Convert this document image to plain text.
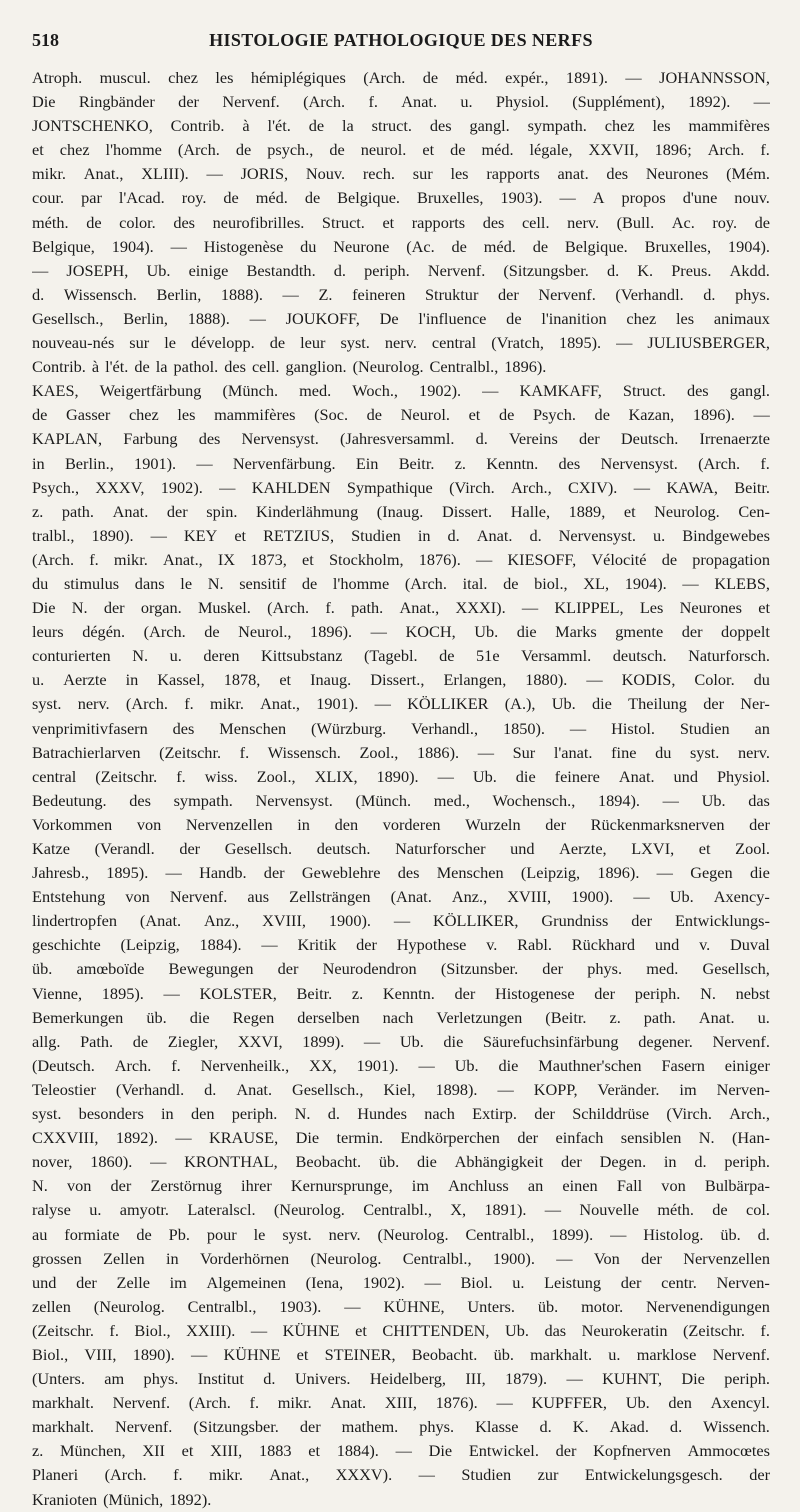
518	HISTOLOGIE PATHOLOGIQUE DES NERFS
Atroph. muscul. chez les hémiplégiques (Arch. de méd. expér., 1891). — JOHANNSSON,
Die Ringbänder der Nervenf. (Arch. f. Anat. u. Physiol. (Supplément), 1892). —
JONTSCHENKO, Contrib. à l'ét. de la struct. des gangl. sympath. chez les mammifères
et chez l'homme (Arch. de psych., de neurol. et de méd. légale, XXVII, 1896; Arch. f.
mikr. Anat., XLIII). — JORIS, Nouv. rech. sur les rapports anat. des Neurones (Mém.
cour. par l'Acad. roy. de méd. de Belgique. Bruxelles, 1903). — A propos d'une nouv.
méth. de color. des neurofibrilles. Struct. et rapports des cell. nerv. (Bull. Ac. roy. de
Belgique, 1904). — Histogenèse du Neurone (Ac. de méd. de Belgique. Bruxelles, 1904).
— JOSEPH, Ub. einige Bestandth. d. periph. Nervenf. (Sitzungsber. d. K. Preus. Akdd.
d. Wissensch. Berlin, 1888). — Z. feineren Struktur der Nervenf. (Verhandl. d. phys.
Gesellsch., Berlin, 1888). — JOUKOFF, De l'influence de l'inanition chez les animaux
nouveau-nés sur le développ. de leur syst. nerv. central (Vratch, 1895). — JULIUSBERGER,
Contrib. à l'ét. de la pathol. des cell. ganglion. (Neurolog. Centralbl., 1896).
KAES, Weigertfärbung (Münch. med. Woch., 1902). — KAMKAFF, Struct. des gangl.
de Gasser chez les mammifères (Soc. de Neurol. et de Psych. de Kazan, 1896). —
KAPLAN, Farbung des Nervensyst. (Jahresversamml. d. Vereins der Deutsch. Irrenaerzte
in Berlin., 1901). — Nervenfärbung. Ein Beitr. z. Kenntn. des Nervensyst. (Arch. f.
Psych., XXXV, 1902). — KAHLDEN Sympathique (Virch. Arch., CXIV). — KAWA, Beitr.
z. path. Anat. der spin. Kinderlähmung (Inaug. Dissert. Halle, 1889, et Neurolog. Cen-
tralbl., 1890). — KEY et RETZIUS, Studien in d. Anat. d. Nervensyst. u. Bindgewebes
(Arch. f. mikr. Anat., IX 1873, et Stockholm, 1876). — KIESOFF, Vélocité de propagation
du stimulus dans le N. sensitif de l'homme (Arch. ital. de biol., XL, 1904). — KLEBS,
Die N. der organ. Muskel. (Arch. f. path. Anat., XXXI). — KLIPPEL, Les Neurones et
leurs dégén. (Arch. de Neurol., 1896). — KOCH, Ub. die Marks gmente der doppelt
conturierten N. u. deren Kittsubstanz (Tagebl. de 51e Versamml. deutsch. Naturforsch.
u. Aerzte in Kassel, 1878, et Inaug. Dissert., Erlangen, 1880). — KODIS, Color. du
syst. nerv. (Arch. f. mikr. Anat., 1901). — KÖLLIKER (A.), Ub. die Theilung der Ner-
venprimitivfasern des Menschen (Würzburg. Verhandl., 1850). — Histol. Studien an
Batrachierlarven (Zeitschr. f. Wissensch. Zool., 1886). — Sur l'anat. fine du syst. nerv.
central (Zeitschr. f. wiss. Zool., XLIX, 1890). — Ub. die feinere Anat. und Physiol.
Bedeutung. des sympath. Nervensyst. (Münch. med., Wochensch., 1894). — Ub. das
Vorkommen von Nervenzellen in den vorderen Wurzeln der Rückenmarksnerven der
Katze (Verandl. der Gesellsch. deutsch. Naturforscher und Aerzte, LXVI, et Zool.
Jahresb., 1895). — Handb. der Geweblehre des Menschen (Leipzig, 1896). — Gegen die
Entstehung von Nervenf. aus Zellsträngen (Anat. Anz., XVIII, 1900). — Ub. Axency-
lindertropfen (Anat. Anz., XVIII, 1900). — KÖLLIKER, Grundniss der Entwicklungs-
geschichte (Leipzig, 1884). — Kritik der Hypothese v. Rabl. Rückhard und v. Duval
üb. amœboïde Bewegungen der Neurodendron (Sitzunsber. der phys. med. Gesellsch,
Vienne, 1895). — KOLSTER, Beitr. z. Kenntn. der Histogenese der periph. N. nebst
Bemerkungen üb. die Regen derselben nach Verletzungen (Beitr. z. path. Anat. u.
allg. Path. de Ziegler, XXVI, 1899). — Ub. die Säurefuchsinfärbung degener. Nervenf.
(Deutsch. Arch. f. Nervenheilk., XX, 1901). — Ub. die Mauthner'schen Fasern einiger
Teleostier (Verhandl. d. Anat. Gesellsch., Kiel, 1898). — KOPP, Veränder. im Nerven-
syst. besonders in den periph. N. d. Hundes nach Extirp. der Schilddrüse (Virch. Arch.,
CXXVIII, 1892). — KRAUSE, Die termin. Endkörperchen der einfach sensiblen N. (Han-
nover, 1860). — KRONTHAL, Beobacht. üb. die Abhängigkeit der Degen. in d. periph.
N. von der Zerstörnug ihrer Kernursprunge, im Anchluss an einen Fall von Bulbärpa-
ralyse u. amyotr. Lateralscl. (Neurolog. Centralbl., X, 1891). — Nouvelle méth. de col.
au formiate de Pb. pour le syst. nerv. (Neurolog. Centralbl., 1899). — Histolog. üb. d.
grossen Zellen in Vorderhörnen (Neurolog. Centralbl., 1900). — Von der Nervenzellen
und der Zelle im Algemeinen (Iena, 1902). — Biol. u. Leistung der centr. Nerven-
zellen (Neurolog. Centralbl., 1903). — KÜHNE, Unters. üb. motor. Nervenendigungen
(Zeitschr. f. Biol., XXIII). — KÜHNE et CHITTENDEN, Ub. das Neurokeratin (Zeitschr. f.
Biol., VIII, 1890). — KÜHNE et STEINER, Beobacht. üb. markhalt. u. marklose Nervenf.
(Unters. am phys. Institut d. Univers. Heidelberg, III, 1879). — KUHNT, Die periph.
markhalt. Nervenf. (Arch. f. mikr. Anat. XIII, 1876). — KUPFFER, Ub. den Axencyl.
markhalt. Nervenf. (Sitzungsber. der mathem. phys. Klasse d. K. Akad. d. Wissench.
z. München, XII et XIII, 1883 et 1884). — Die Entwickel. der Kopfnerven Ammocœtes
Planeri (Arch. f. mikr. Anat., XXXV). — Studien zur Entwickelungsgesch. der
Kranioten (Münich, 1892).
